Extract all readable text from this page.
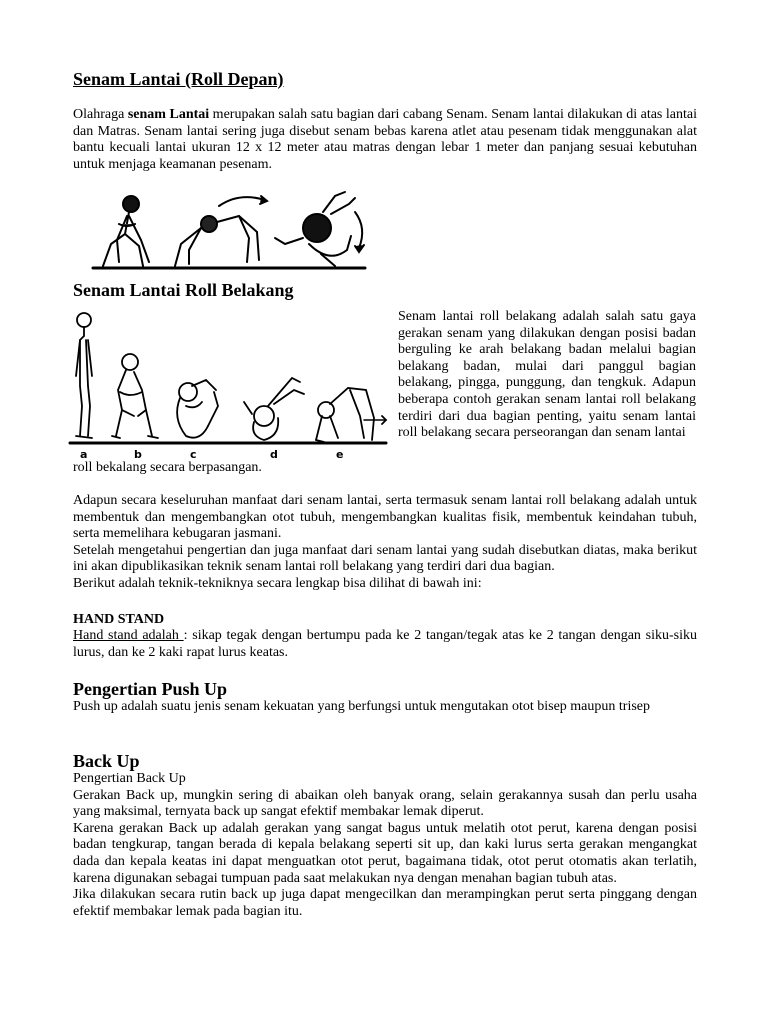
Senam Lantai (Roll Depan)

Olahraga senam Lantai merupakan salah satu bagian dari cabang Senam. Senam lantai dilakukan di atas lantai dan Matras. Senam lantai sering juga disebut senam bebas karena atlet atau pesenam tidak menggunakan alat bantu kecuali lantai ukuran 12 x 12 meter atau matras dengan lebar 1 meter dan panjang sesuai kebutuhan untuk menjaga keamanan pesenam.

Senam Lantai Roll Belakang
a	b	c	d	e

Senam lantai roll belakang adalah salah satu gaya gerakan senam yang dilakukan dengan posisi badan berguling ke arah belakang badan melalui bagian belakang badan, mulai dari panggul bagian belakang, pingga, punggung, dan tengkuk. Adapun beberapa contoh gerakan senam lantai roll belakang terdiri dari dua bagian penting, yaitu senam lantai roll belakang secara perseorangan dan senam lantai

roll bekalang secara berpasangan.

Adapun secara keseluruhan manfaat dari senam lantai, serta termasuk senam lantai roll belakang adalah untuk membentuk dan mengembangkan otot tubuh, mengembangkan kualitas fisik, membentuk keindahan tubuh, serta memelihara kebugaran jasmani.

Setelah mengetahui pengertian dan juga manfaat dari senam lantai yang sudah disebutkan diatas, maka berikut ini akan dipublikasikan teknik senam lantai roll belakang yang terdiri dari dua bagian.

Berikut adalah teknik-tekniknya secara lengkap bisa dilihat di bawah ini:

HAND STAND

Hand stand adalah : sikap tegak dengan bertumpu pada ke 2 tangan/tegak atas ke 2 tangan dengan siku-siku lurus, dan ke 2 kaki rapat lurus keatas.

Pengertian Push Up

Push up adalah suatu jenis senam kekuatan yang berfungsi untuk mengutakan otot bisep maupun trisep

Back Up

Pengertian Back Up

Gerakan Back up, mungkin sering di abaikan oleh banyak orang, selain gerakannya susah dan perlu usaha yang maksimal, ternyata back up sangat efektif membakar lemak diperut.

Karena gerakan Back up adalah gerakan yang sangat bagus untuk melatih otot perut, karena dengan posisi badan tengkurap, tangan berada di kepala belakang seperti sit up, dan kaki lurus serta gerakan mengangkat dada dan kepala keatas ini dapat menguatkan otot perut, bagaimana tidak, otot perut otomatis akan terlatih, karena digunakan sebagai tumpuan pada saat melakukan nya dengan menahan bagian tubuh atas.

Jika dilakukan secara rutin back up juga dapat mengecilkan dan merampingkan perut serta pinggang dengan efektif membakar lemak pada bagian itu.
